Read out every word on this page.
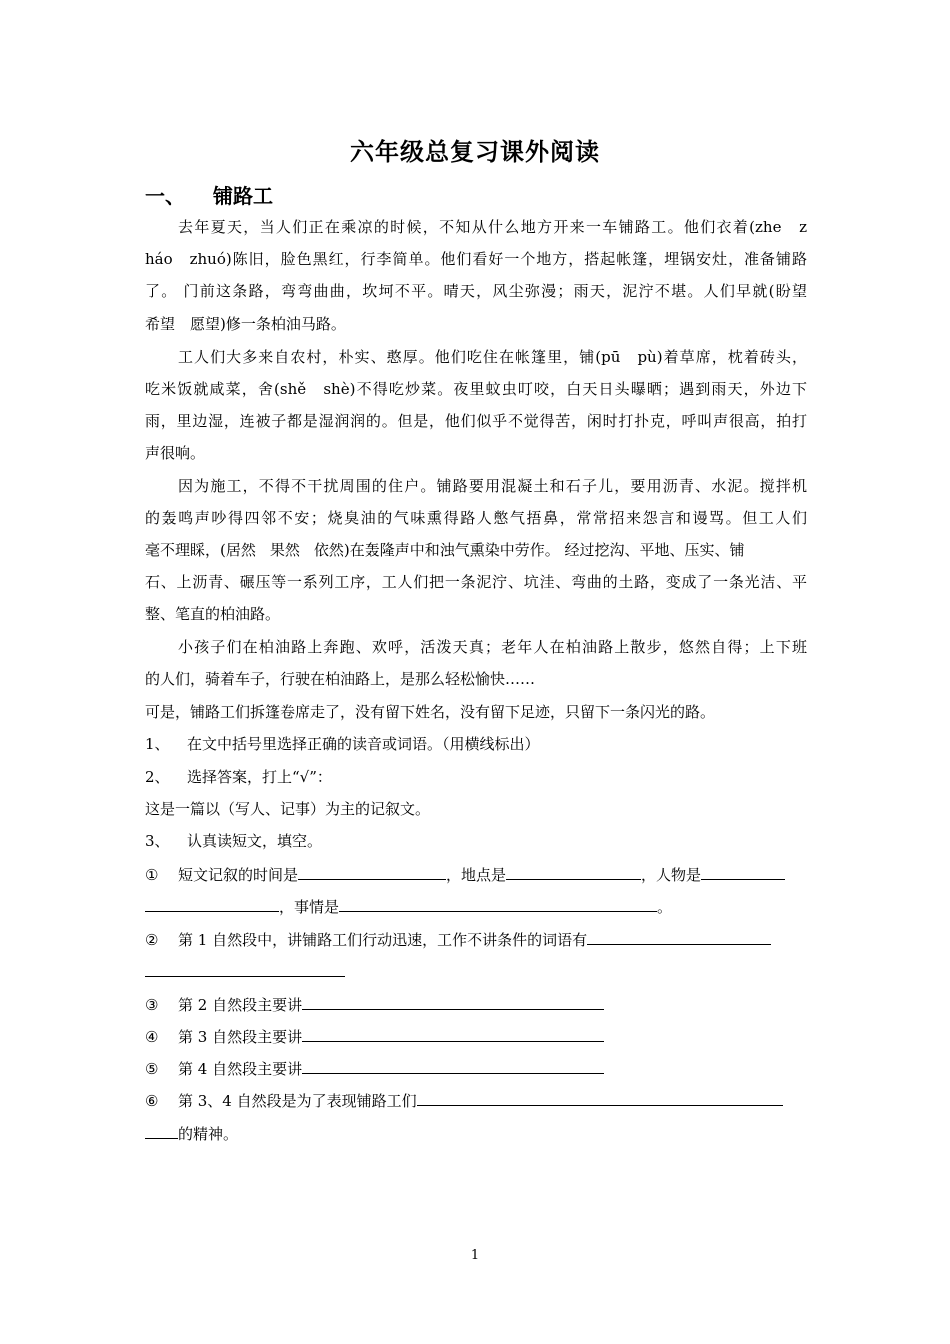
六年级总复习课外阅读
一、 铺路工
去年夏天，当人们正在乘凉的时候，不知从什么地方开来一车铺路工。他们衣着(zhe　z
háo　zhuó)陈旧，脸色黑红，行李简单。他们看好一个地方，搭起帐篷，埋锅安灶，准备铺路
了。 门前这条路，弯弯曲曲，坎坷不平。晴天，风尘弥漫；雨天，泥泞不堪。人们早就(盼望
希望　愿望)修一条柏油马路。
工人们大多来自农村，朴实、憨厚。他们吃住在帐篷里，铺(pū　pù)着草席，枕着砖头，
吃米饭就咸菜，舍(shě　shè)不得吃炒菜。夜里蚊虫叮咬，白天日头曝晒；遇到雨天，外边下
雨，里边湿，连被子都是湿润润的。但是，他们似乎不觉得苦，闲时打扑克，呼叫声很高，拍打
声很响。
因为施工，不得不干扰周围的住户。铺路要用混凝土和石子儿，要用沥青、水泥。搅拌机
的轰鸣声吵得四邻不安；烧臭油的气味熏得路人憋气捂鼻，常常招来怨言和谩骂。但工人们
毫不理睬，(居然 果然 依然)在轰隆声中和浊气熏染中劳作。 经过挖沟、平地、压实、铺
石、上沥青、碾压等一系列工序，工人们把一条泥泞、坑洼、弯曲的土路，变成了一条光洁、平
整、笔直的柏油路。
小孩子们在柏油路上奔跑、欢呼，活泼天真；老年人在柏油路上散步，悠然自得；上下班
的人们，骑着车子，行驶在柏油路上，是那么轻松愉快……
可是，铺路工们拆篷卷席走了，没有留下姓名，没有留下足迹，只留下一条闪光的路。
1、 在文中括号里选择正确的读音或词语。（用横线标出）
2、 选择答案，打上“√”：
这是一篇以（写人、记事）为主的记叙文。
3、 认真读短文，填空。
① 短文记叙的时间是	，地点是	，人物是
，事情是	。
② 第 1 自然段中，讲铺路工们行动迅速，工作不讲条件的词语有
③ 第 2 自然段主要讲
④ 第 3 自然段主要讲
⑤ 第 4 自然段主要讲
⑥ 第 3、4 自然段是为了表现铺路工们
的精神。
1
